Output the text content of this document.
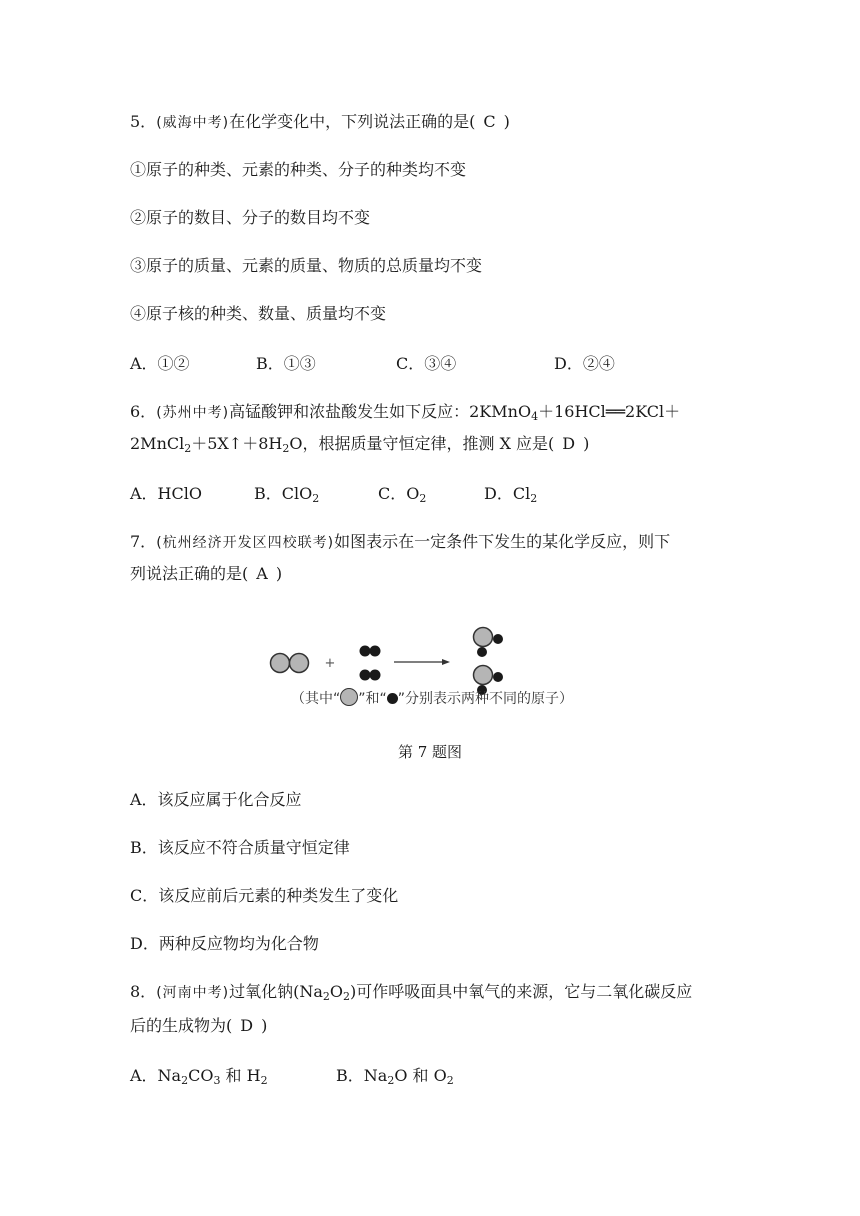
5．(威海中考)在化学变化中，下列说法正确的是( C )
①原子的种类、元素的种类、分子的种类均不变
②原子的数目、分子的数目均不变
③原子的质量、元素的质量、物质的总质量均不变
④原子核的种类、数量、质量均不变
A．①②	B．①③	C．③④	D．②④
6．(苏州中考)高锰酸钾和浓盐酸发生如下反应：2KMnO$_4$＋16HCl══2KCl＋
$2MnCl_2+5X↑+8H_2O$，根据质量守恒定律，推测 X 应是( D )
A．HClO	B．ClO$_2$	C．$O_2$	D．$Cl_2$
7．(杭州经济开发区四校联考)如图表示在一定条件下发生的某化学反应，则下
列说法正确的是( A )
+
（其中“ ”和“ ”分别表示两种不同的原子）
第 7 题图
A．该反应属于化合反应
B．该反应不符合质量守恒定律
C．该反应前后元素的种类发生了变化
D．两种反应物均为化合物
8．(河南中考)过氧化钠$(Na_2O_2)$可作呼吸面具中氧气的来源，它与二氧化碳反应
后的生成物为( D )
A．$Na_2CO_3$ 和 $H_2$	B．$Na_2O$ 和 $O_2$
